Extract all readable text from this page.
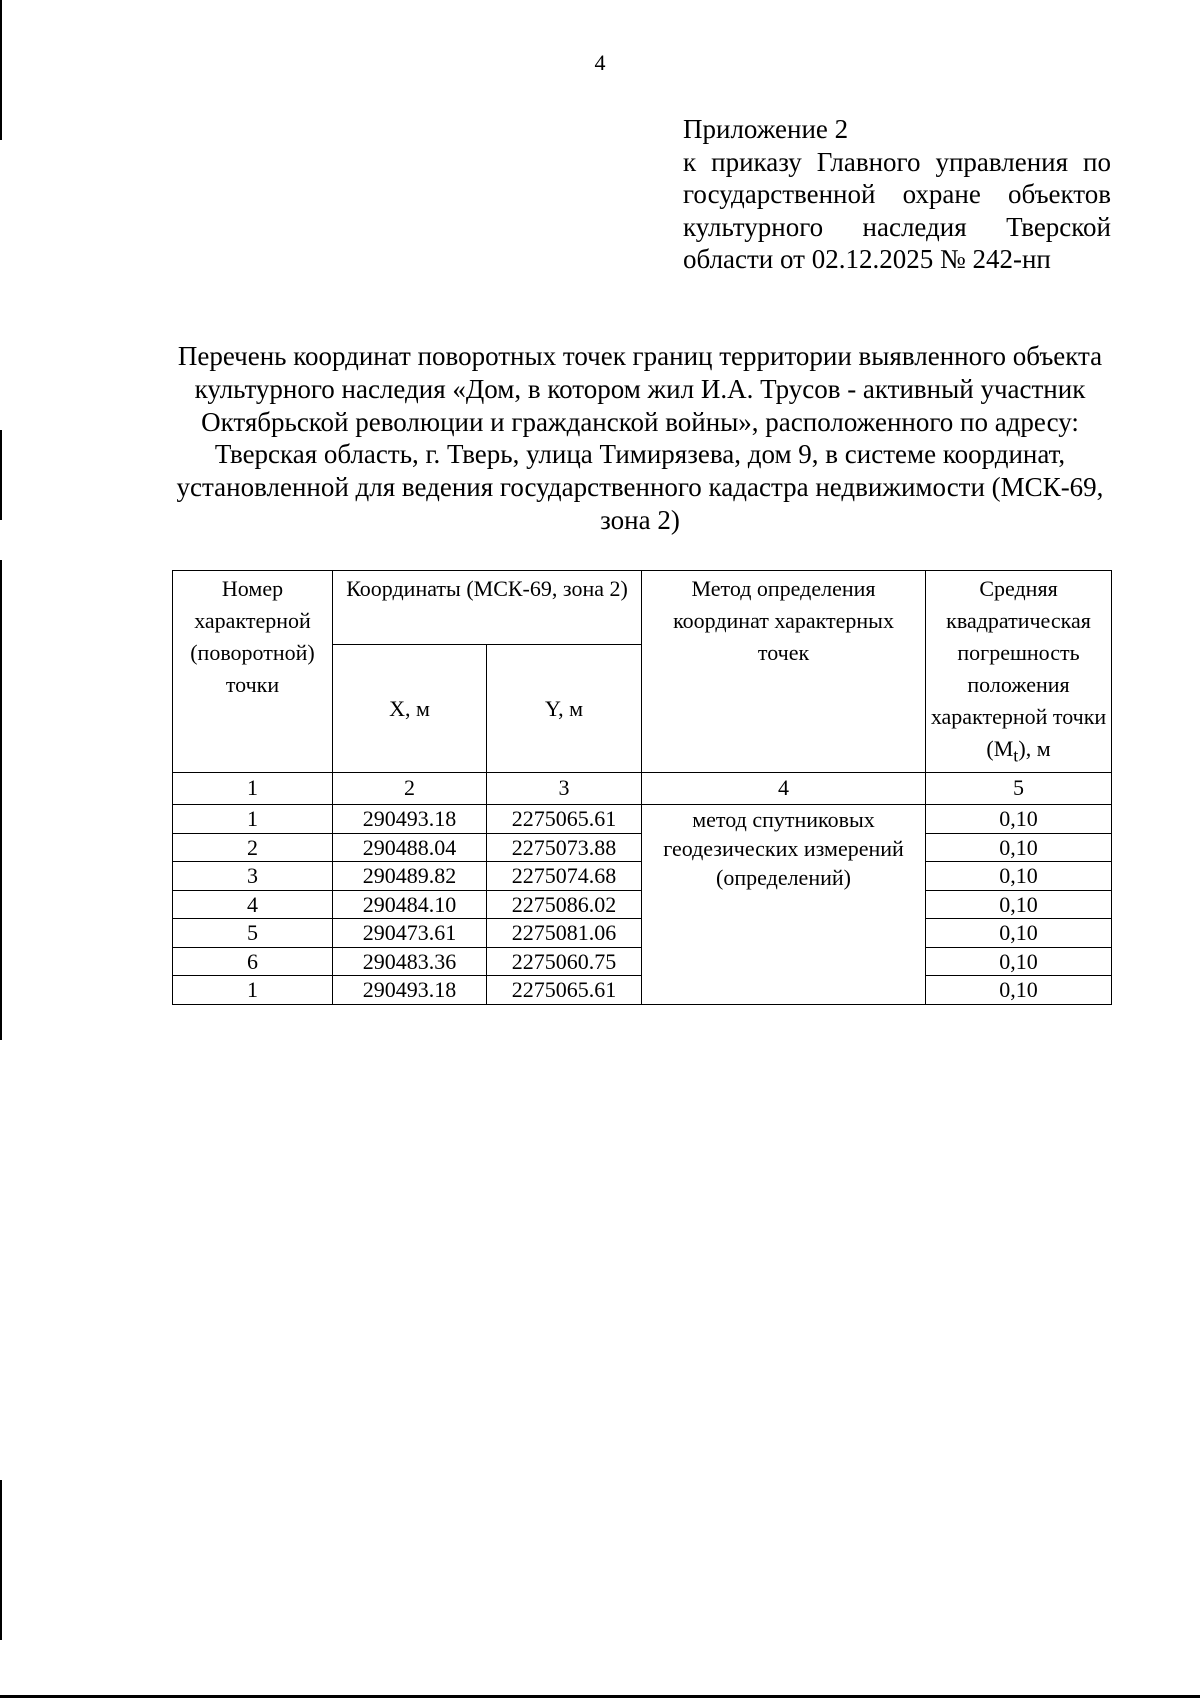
4
Приложение 2
к приказу Главного управления по государственной охране объектов культурного наследия Тверской области от 02.12.2025 № 242-нп
Перечень координат поворотных точек границ территории выявленного объекта культурного наследия «Дом, в котором жил И.А. Трусов - активный участник Октябрьской революции и гражданской войны», расположенного по адресу: Тверская область, г. Тверь, улица Тимирязева, дом 9, в системе координат, установленной для ведения государственного кадастра недвижимости (МСК-69, зона 2)
Номер характерной (поворотной) точки	Координаты (МСК-69, зона 2)		Метод определения координат характерных точек	Средняя квадратическая погрешность положения характерной точки $(M_t)$, м
	X, м	Y, м		
1	2	3	4	5
1	290493.18	2275065.61	метод спутниковых геодезических измерений (определений)	0,10
2	290488.04	2275073.88		0,10
3	290489.82	2275074.68		0,10
4	290484.10	2275086.02		0,10
5	290473.61	2275081.06		0,10
6	290483.36	2275060.75		0,10
1	290493.18	2275065.61		0,10
